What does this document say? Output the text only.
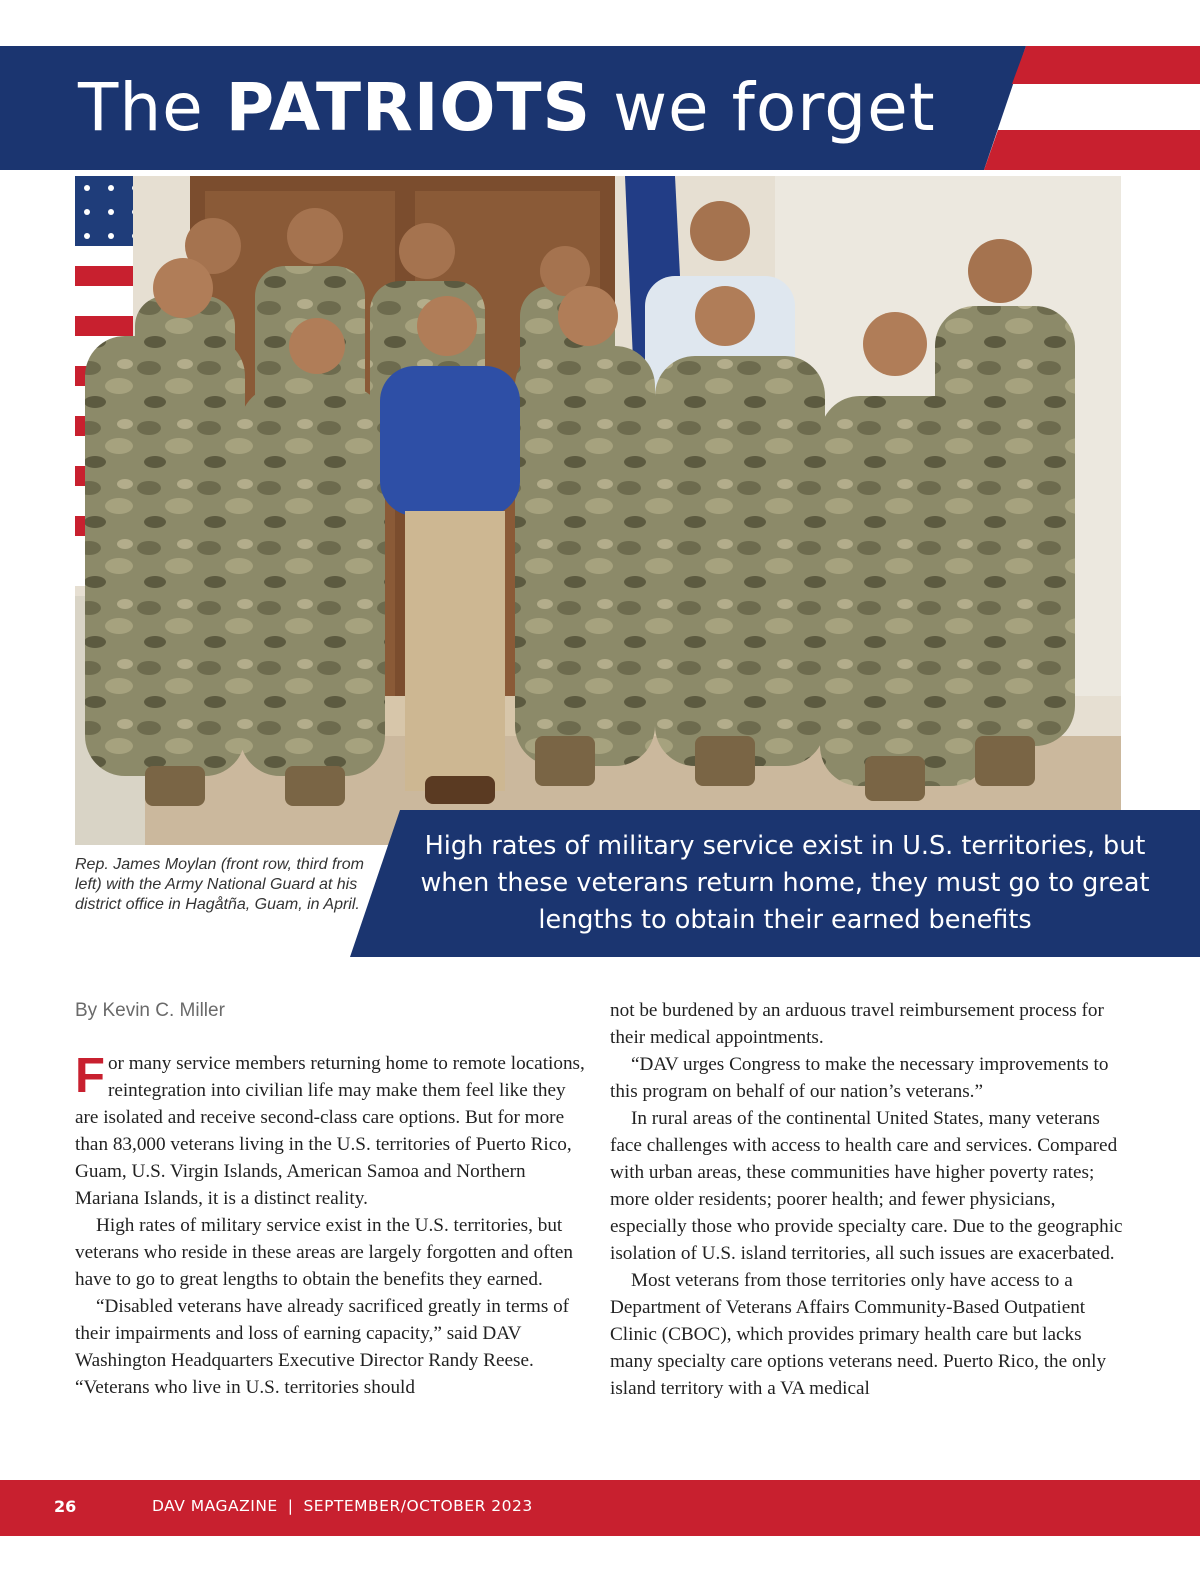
The PATRIOTS we forget
Rep. James Moylan (front row, third from left) with the Army National Guard at his district office in Hagåtña, Guam, in April.
High rates of military service exist in U.S. territories, but when these veterans return home, they must go to great lengths to obtain their earned benefits
By Kevin C. Miller

For many service members returning home to remote locations, reintegration into civilian life may make them feel like they are isolated and receive second-class care options. But for more than 83,000 veterans living in the U.S. territories of Puerto Rico, Guam, U.S. Virgin Islands, American Samoa and Northern Mariana Islands, it is a distinct reality.

High rates of military service exist in the U.S. territories, but veterans who reside in these areas are largely forgotten and often have to go to great lengths to obtain the benefits they earned.

“Disabled veterans have already sacrificed greatly in terms of their impairments and loss of earning capacity,” said DAV Washington Headquarters Executive Director Randy Reese. “Veterans who live in U.S. territories should

not be burdened by an arduous travel reimbursement process for their medical appointments.

“DAV urges Congress to make the necessary improvements to this program on behalf of our nation’s veterans.”

In rural areas of the continental United States, many veterans face challenges with access to health care and services. Compared with urban areas, these communities have higher poverty rates; more older residents; poorer health; and fewer physicians, especially those who provide specialty care. Due to the geographic isolation of U.S. island territories, all such issues are exacerbated.

Most veterans from those territories only have access to a Department of Veterans Affairs Community-Based Outpatient Clinic (CBOC), which provides primary health care but lacks many specialty care options veterans need. Puerto Rico, the only island territory with a VA medical

26	DAV MAGAZINE | SEPTEMBER/OCTOBER 2023
